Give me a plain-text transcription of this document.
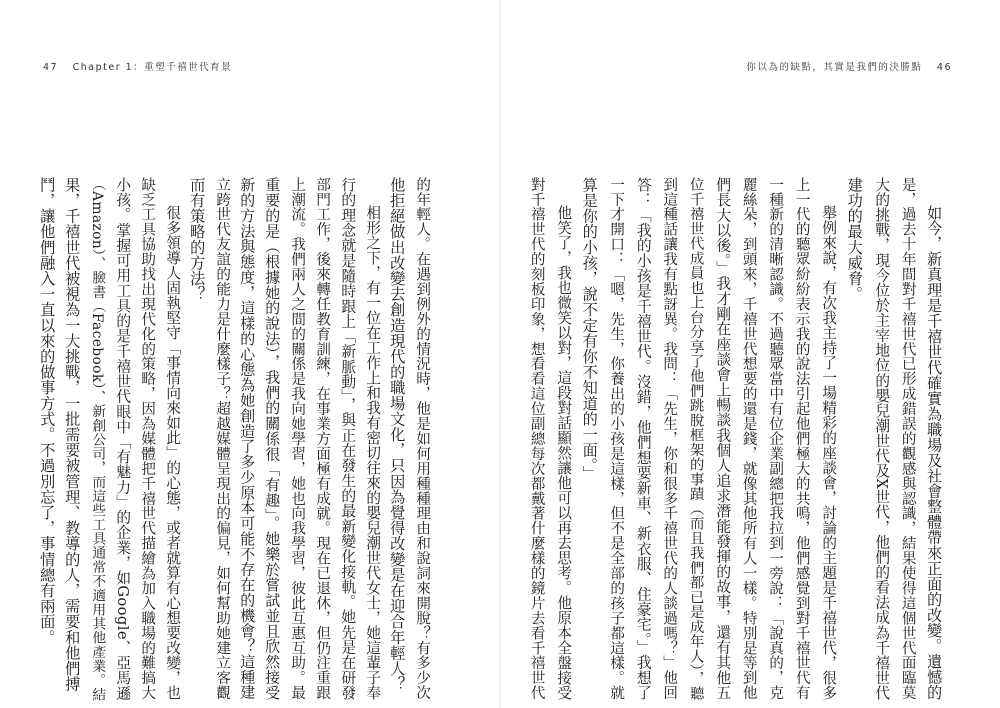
47 Chapter 1：重塑千禧世代育景	你以為的缺點，其實是我們的決勝點 46
如今，新真理是千禧世代確實為職場及社會整體帶來正面的改變。遺憾的
是，過去十年間對千禧世代已形成錯誤的觀感與認識，結果使得這個世代面臨莫
大的挑戰，現今位於主宰地位的嬰兒潮世代及X世代，他們的看法成為千禧世代
建功的最大威脅。
舉例來說，有次我主持了一場精彩的座談會，討論的主題是千禧世代，很多
上一代的聽眾紛紛表示我的說法引起他們極大的共鳴，他們感覺到對千禧世代有
一種新的清晰認識。不過聽眾當中有位企業副總把我拉到一旁說：「說真的，克
麗絲朵，到頭來，千禧世代想要的還是錢，就像其他所有人一樣。特別是等到他
們長大以後。」我才剛在座談會上暢談我個人追求潛能發揮的故事，還有其他五
位千禧世代成員也上台分享了他們跳脫框架的事蹟（而且我們都已是成年人），聽
到這種話讓我有點訝異。我問：「先生，你和很多千禧世代的人談過嗎？」他回
答：「我的小孩是千禧世代。沒錯，他們想要新車、新衣服、住豪宅。」我想了
一下才開口：「嗯，先生，你養出的小孩是這樣，但不是全部的孩子都這樣。就
算是你的小孩，說不定有你不知道的一面。」
他笑了，我也微笑以對，這段對話顯然讓他可以再去思考。他原本全盤接受
對千禧世代的刻板印象，想看看這位副總每次都戴著什麼樣的鏡片去看千禧世代
的年輕人。在遇到例外的情況時，他是如何用種種理由和說詞來開脫？有多少次
他拒絕做出改變去創造現代的職場文化，只因為覺得改變是在迎合年輕人？
相形之下，有一位在工作上和我有密切往來的嬰兒潮世代女士，她這輩子奉
行的理念就是隨時跟上「新脈動」，與正在發生的最新變化接軌。她先是在研發
部門工作，後來轉任教育訓練，在事業方面極有成就。現在已退休，但仍注重跟
上潮流。我們兩人之間的關係是我向她學習，她也向我學習，彼此互惠互助。最
重要的是（根據她的說法），我們的關係很「有趣」。她樂於嘗試並且欣然接受
新的方法與態度，這樣的心態為她創造了多少原本可能不存在的機會？這種建
立跨世代友誼的能力是什麼樣子？超越媒體呈現出的偏見，如何幫助她建立客觀
而有策略的方法？
很多領導人固執堅守「事情向來如此」的心態，或者就算有心想要改變，也
缺乏工具協助找出現代化的策略，因為媒體把千禧世代描繪為加入職場的難搞大
小孩。掌握可用工具的是千禧世代眼中「有魅力」的企業，如Google、亞馬遜
（Amazon）、臉書（Facebook）、新創公司，而這些工具通常不適用其他產業。結
果，千禧世代被視為一大挑戰，一批需要被管理、教導的人，需要和他們搏
鬥，讓他們融入一直以來的做事方式。不過別忘了，事情總有兩面。
